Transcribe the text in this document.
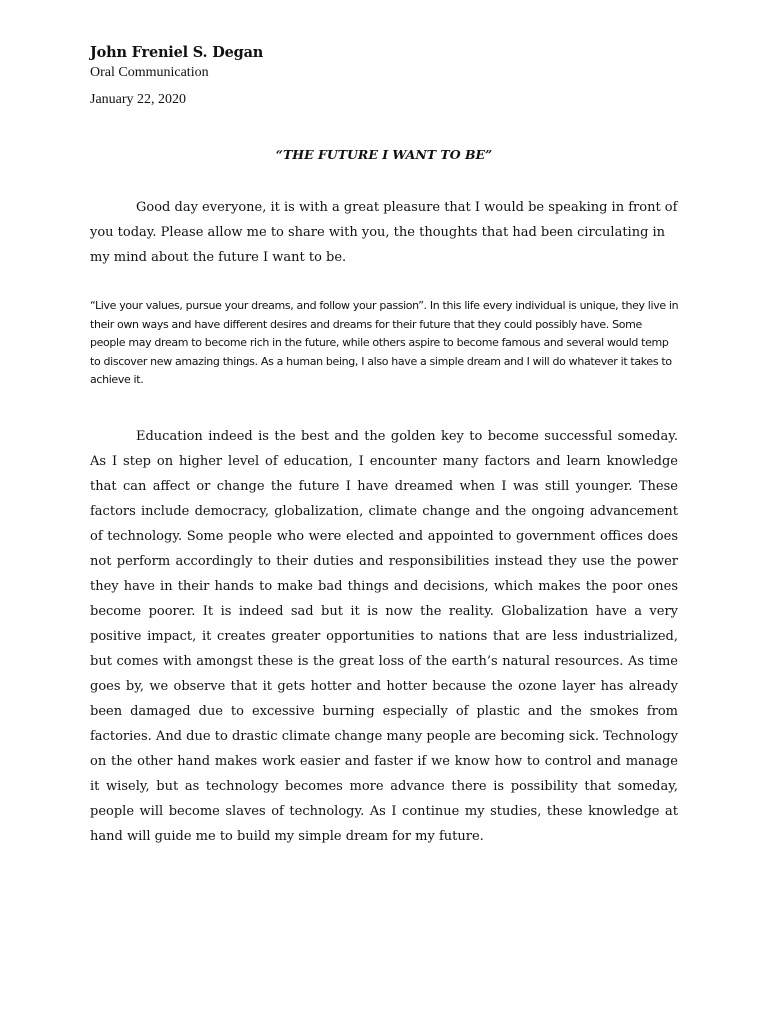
John Freniel S. Degan
Oral Communication
January 22, 2020
“THE FUTURE I WANT TO BE”

Good day everyone, it is with a great pleasure that I would be speaking in front of you today. Please allow me to share with you, the thoughts that had been circulating in my mind about the future I want to be.

“Live your values, pursue your dreams, and follow your passion”. In this life every individual is unique, they live in their own ways and have different desires and dreams for their future that they could possibly have. Some people may dream to become rich in the future, while others aspire to become famous and several would temp to discover new amazing things. As a human being, I also have a simple dream and I will do whatever it takes to achieve it.

Education indeed is the best and the golden key to become successful someday. As I step on higher level of education, I encounter many factors and learn knowledge that can affect or change the future I have dreamed when I was still younger. These factors include democracy, globalization, climate change and the ongoing advancement of technology. Some people who were elected and appointed to government offices does not perform accordingly to their duties and responsibilities instead they use the power they have in their hands to make bad things and decisions, which makes the poor ones become poorer. It is indeed sad but it is now the reality. Globalization have a very positive impact, it creates greater opportunities to nations that are less industrialized, but comes with amongst these is the great loss of the earth’s natural resources. As time goes by, we observe that it gets hotter and hotter because the ozone layer has already been damaged due to excessive burning especially of plastic and the smokes from factories. And due to drastic climate change many people are becoming sick. Technology on the other hand makes work easier and faster if we know how to control and manage it wisely, but as technology becomes more advance there is possibility that someday, people will become slaves of technology. As I continue my studies, these knowledge at hand will guide me to build my simple dream for my future.
